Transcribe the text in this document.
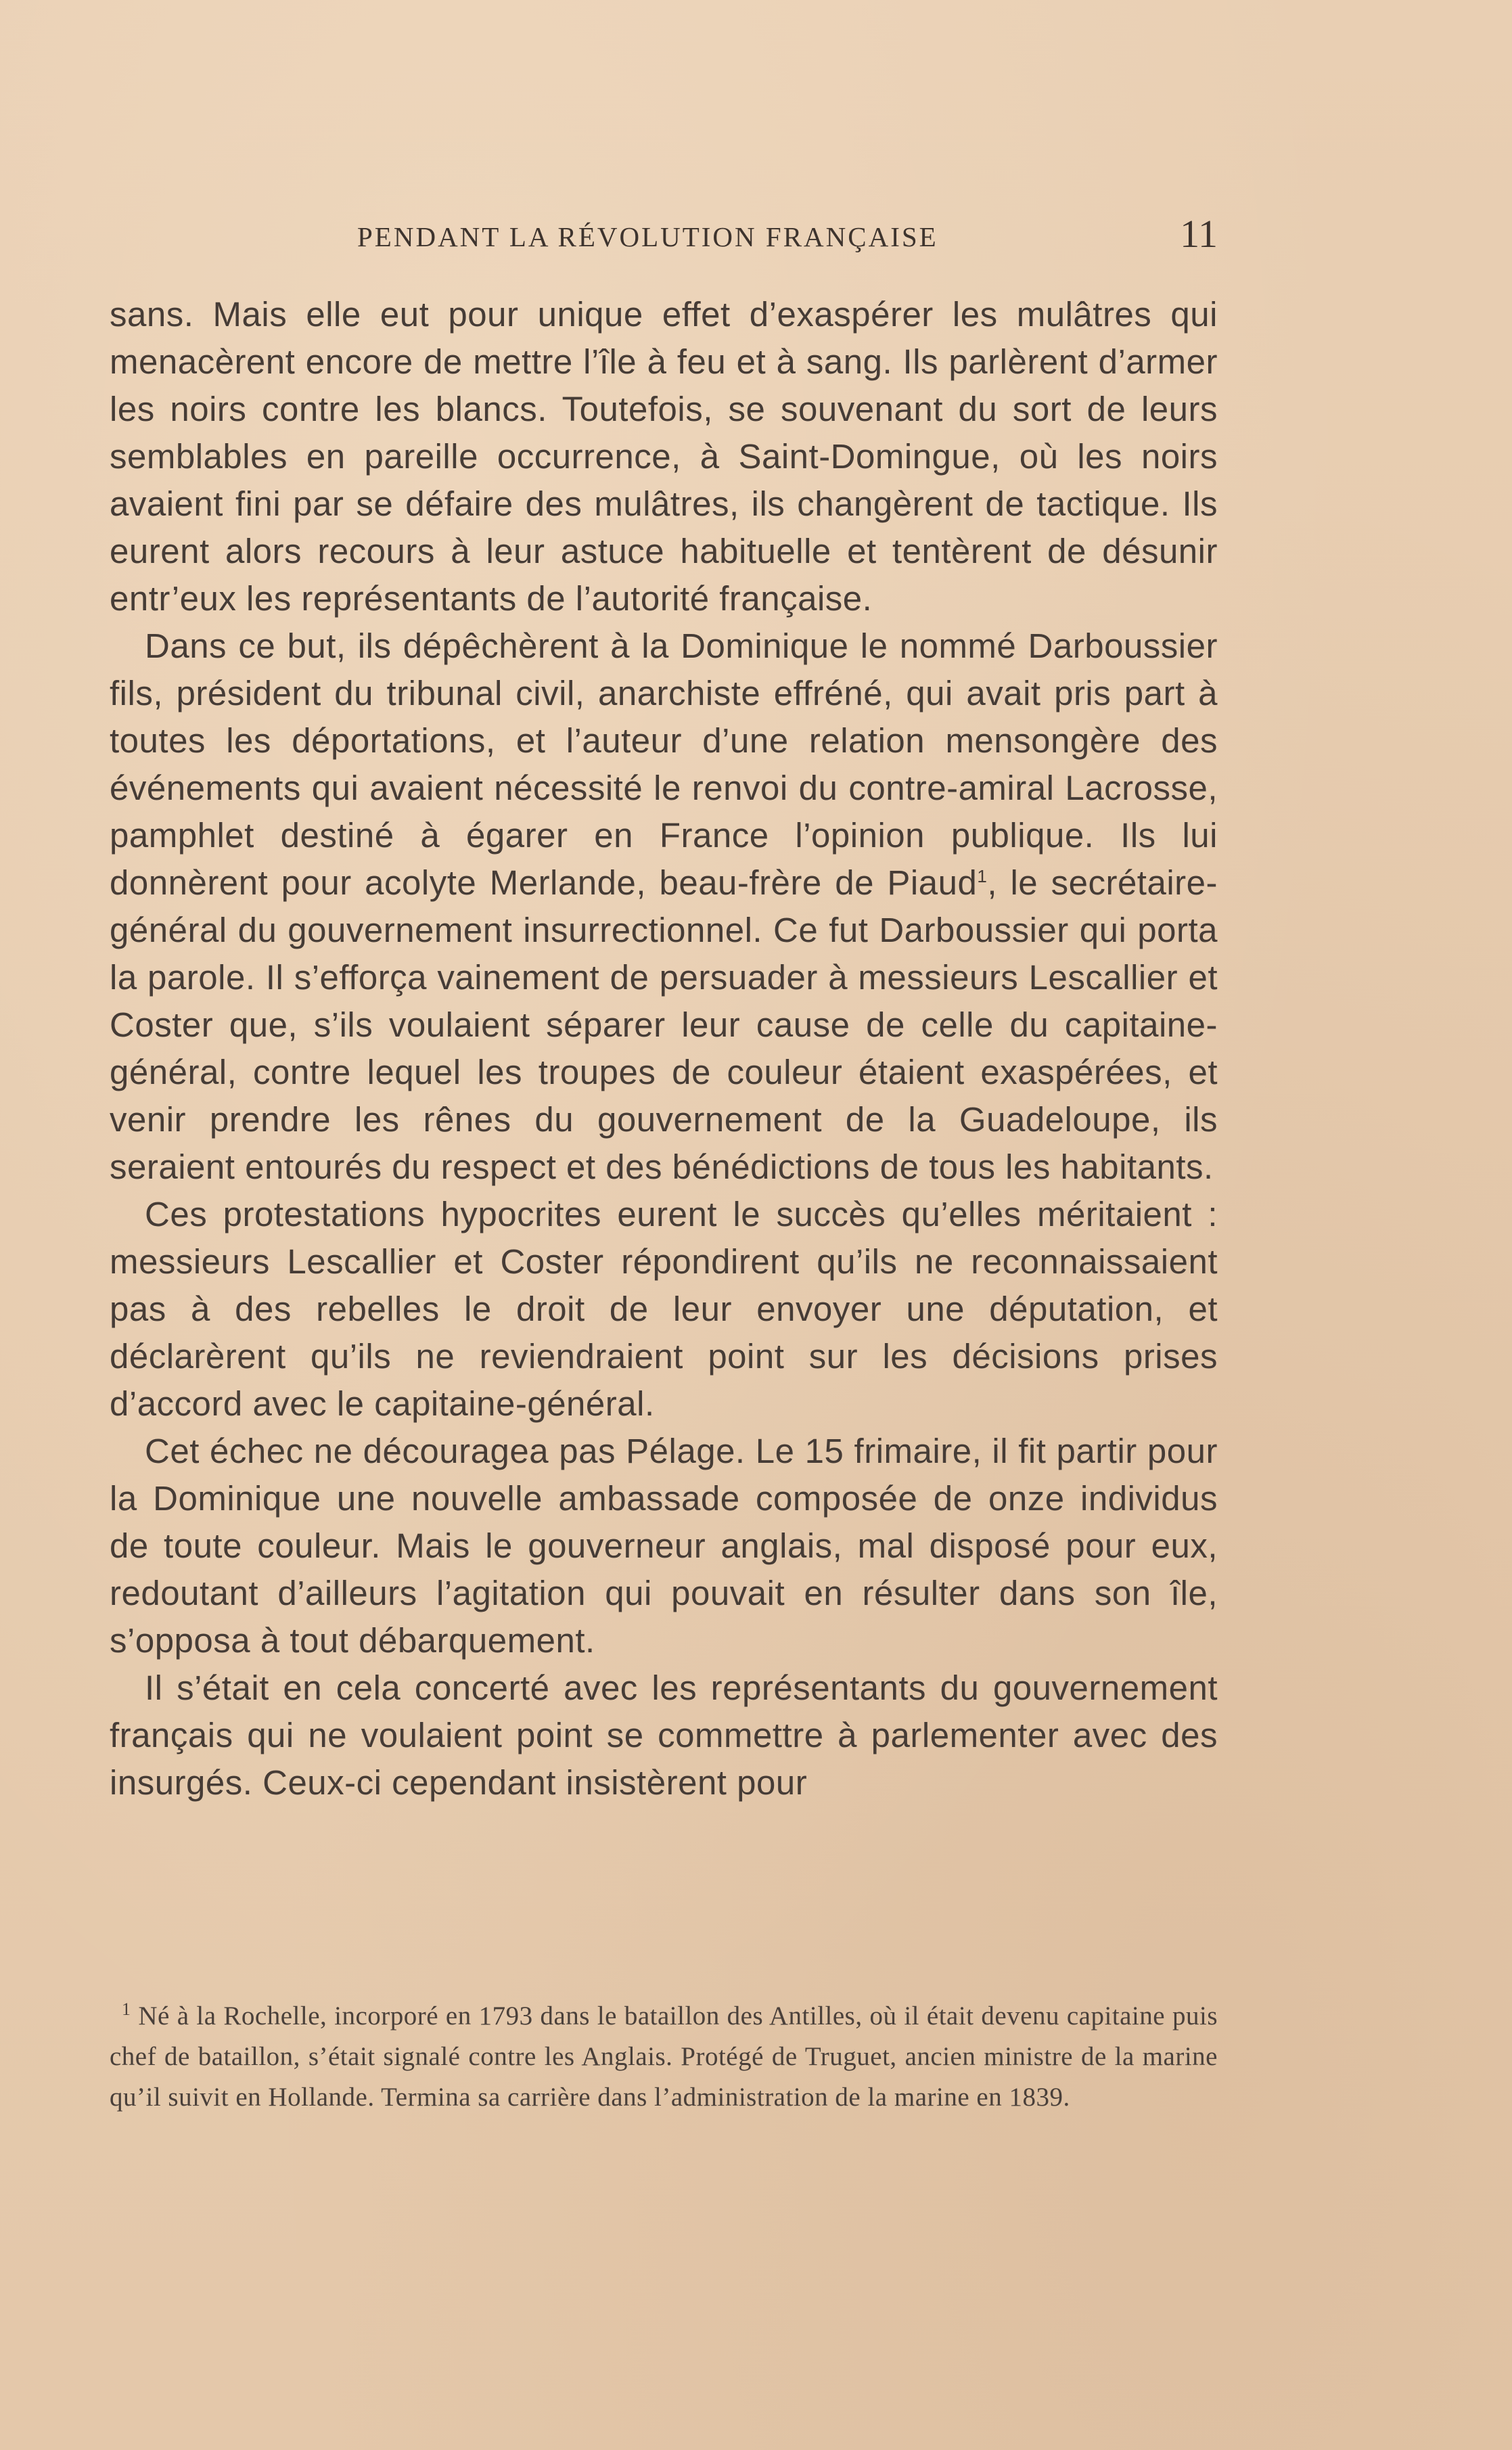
PENDANT LA RÉVOLUTION FRANÇAISE	11

sans. Mais elle eut pour unique effet d’exaspérer les mulâtres qui menacèrent encore de mettre l’île à feu et à sang. Ils parlèrent d’armer les noirs contre les blancs. Toutefois, se souvenant du sort de leurs semblables en pareille occurrence, à Saint-Domingue, où les noirs avaient fini par se défaire des mulâtres, ils changèrent de tactique. Ils eurent alors recours à leur astuce habituelle et tentèrent de désunir entr’eux les représentants de l’autorité française.

Dans ce but, ils dépêchèrent à la Dominique le nommé Darboussier fils, président du tribunal civil, anarchiste effréné, qui avait pris part à toutes les déportations, et l’auteur d’une relation mensongère des événements qui avaient nécessité le renvoi du contre-amiral Lacrosse, pamphlet destiné à égarer en France l’opinion publique. Ils lui donnèrent pour acolyte Merlande, beau-frère de Piaud$^1$, le secrétaire-général du gouvernement insurrectionnel. Ce fut Darboussier qui porta la parole. Il s’efforça vainement de persuader à messieurs Lescallier et Coster que, s’ils voulaient séparer leur cause de celle du capitaine-général, contre lequel les troupes de couleur étaient exaspérées, et venir prendre les rênes du gouvernement de la Guadeloupe, ils seraient entourés du respect et des bénédictions de tous les habitants.

Ces protestations hypocrites eurent le succès qu’elles méritaient : messieurs Lescallier et Coster répondirent qu’ils ne reconnaissaient pas à des rebelles le droit de leur envoyer une députation, et déclarèrent qu’ils ne reviendraient point sur les décisions prises d’accord avec le capitaine-général.

Cet échec ne découragea pas Pélage. Le 15 frimaire, il fit partir pour la Dominique une nouvelle ambassade composée de onze individus de toute couleur. Mais le gouverneur anglais, mal disposé pour eux, redoutant d’ailleurs l’agitation qui pouvait en résulter dans son île, s’opposa à tout débarquement.

Il s’était en cela concerté avec les représentants du gouvernement français qui ne voulaient point se commettre à parlementer avec des insurgés. Ceux-ci cependant insistèrent pour

$^1$ Né à la Rochelle, incorporé en 1793 dans le bataillon des Antilles, où il était devenu capitaine puis chef de bataillon, s’était signalé contre les Anglais. Protégé de Truguet, ancien ministre de la marine qu’il suivit en Hollande. Termina sa carrière dans l’administration de la marine en 1839.
